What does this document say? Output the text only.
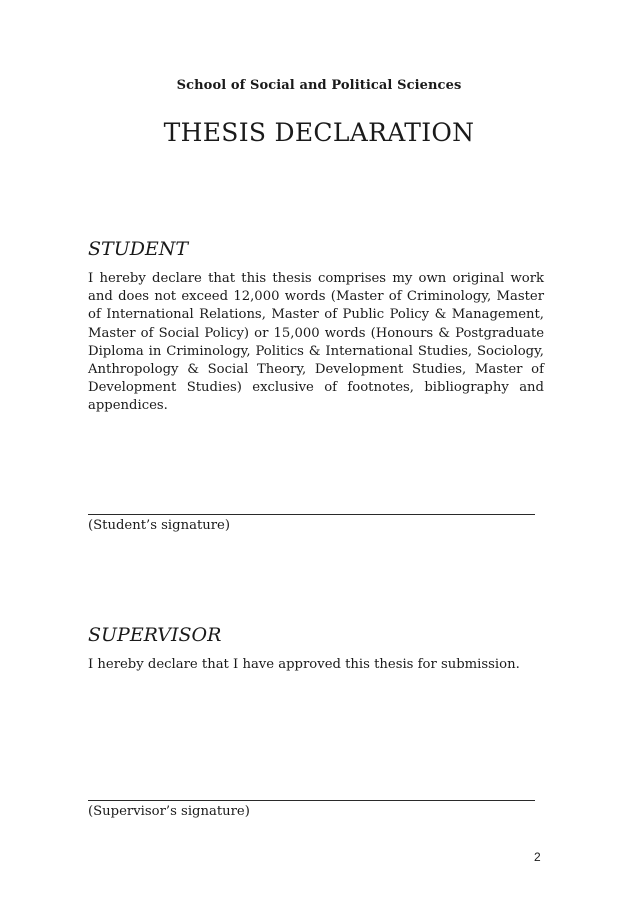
School of Social and Political Sciences
THESIS DECLARATION
STUDENT
I hereby declare that this thesis comprises my own original work and does not exceed 12,000 words (Master of Criminology, Master of International Relations, Master of Public Policy & Management, Master of Social Policy) or 15,000 words (Honours & Postgraduate Diploma in Criminology, Politics & International Studies, Sociology, Anthropology & Social Theory, Development Studies, Master of Development Studies) exclusive of footnotes, bibliography and appendices.
(Student’s signature)
SUPERVISOR
I hereby declare that I have approved this thesis for submission.
(Supervisor’s signature)
2
